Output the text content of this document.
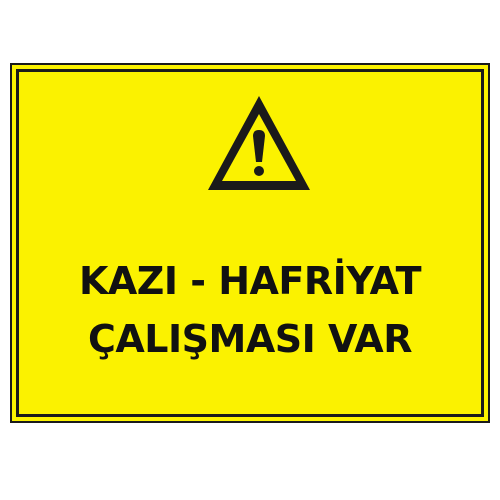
KAZI - HAFRİYAT
ÇALIŞMASI VAR
